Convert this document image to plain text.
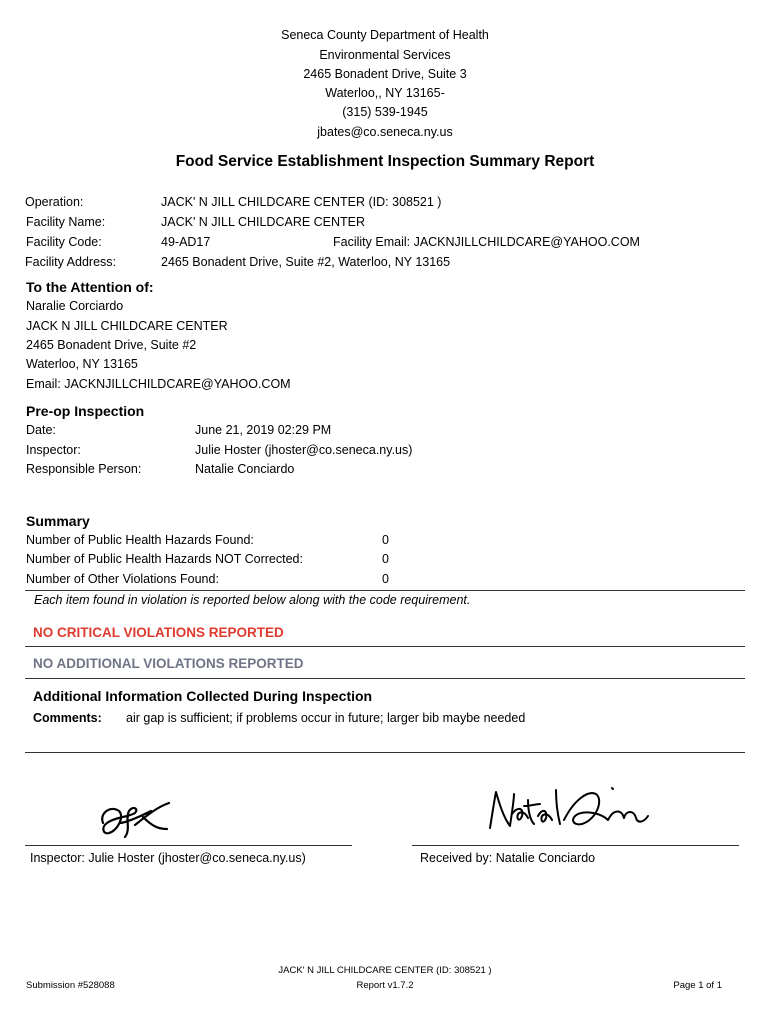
Seneca County Department of Health
Environmental Services
2465 Bonadent Drive, Suite 3
Waterloo,, NY 13165-
(315) 539-1945
jbates@co.seneca.ny.us
Food Service Establishment Inspection Summary Report
Operation:	JACK' N JILL CHILDCARE CENTER (ID: 308521 )
Facility Name:	JACK' N JILL CHILDCARE CENTER
Facility Code:	49-AD17	Facility Email: JACKNJILLCHILDCARE@YAHOO.COM
Facility Address:	2465 Bonadent Drive, Suite #2, Waterloo, NY 13165
To the Attention of:
Naralie Corciardo
JACK N JILL CHILDCARE CENTER
2465 Bonadent Drive, Suite #2
Waterloo, NY 13165
Email: JACKNJILLCHILDCARE@YAHOO.COM
Pre-op Inspection
Date:	June 21, 2019 02:29 PM
Inspector:	Julie Hoster (jhoster@co.seneca.ny.us)
Responsible Person:	Natalie Conciardo
Summary
Number of Public Health Hazards Found:	0
Number of Public Health Hazards NOT Corrected:	0
Number of Other Violations Found:	0
Each item found in violation is reported below along with the code requirement.
NO CRITICAL VIOLATIONS REPORTED
NO ADDITIONAL VIOLATIONS REPORTED
Additional Information Collected During Inspection
Comments: air gap is sufficient; if problems occur in future; larger bib maybe needed
Inspector: Julie Hoster (jhoster@co.seneca.ny.us)	Received by: Natalie Conciardo
Submission #528088
JACK' N JILL CHILDCARE CENTER (ID: 308521 )
Report v1.7.2	Page 1 of 1
